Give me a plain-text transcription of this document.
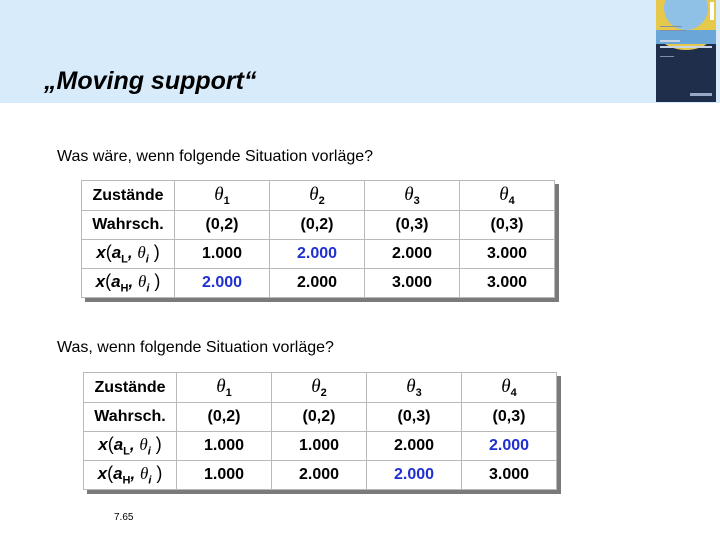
„Moving support“
Was wäre, wenn folgende Situation vorläge?
Zustände	$\theta_1$	$\theta_2$	$\theta_3$	$\theta_4$
Wahrsch.	(0,2)	(0,2)	(0,3)	(0,3)
$x(a_L$, $\theta_i$ )	1.000	2.000	2.000	3.000
$x(a_H$, $\theta_i$ )	2.000	2.000	3.000	3.000
Was, wenn folgende Situation vorläge?
Zustände	$\theta_1$	$\theta_2$	$\theta_3$	$\theta_4$
Wahrsch.	(0,2)	(0,2)	(0,3)	(0,3)
$x(a_L$, $\theta_i$ )	1.000	1.000	2.000	2.000
$x(a_H$, $\theta_i$ )	1.000	2.000	2.000	3.000
7.65
